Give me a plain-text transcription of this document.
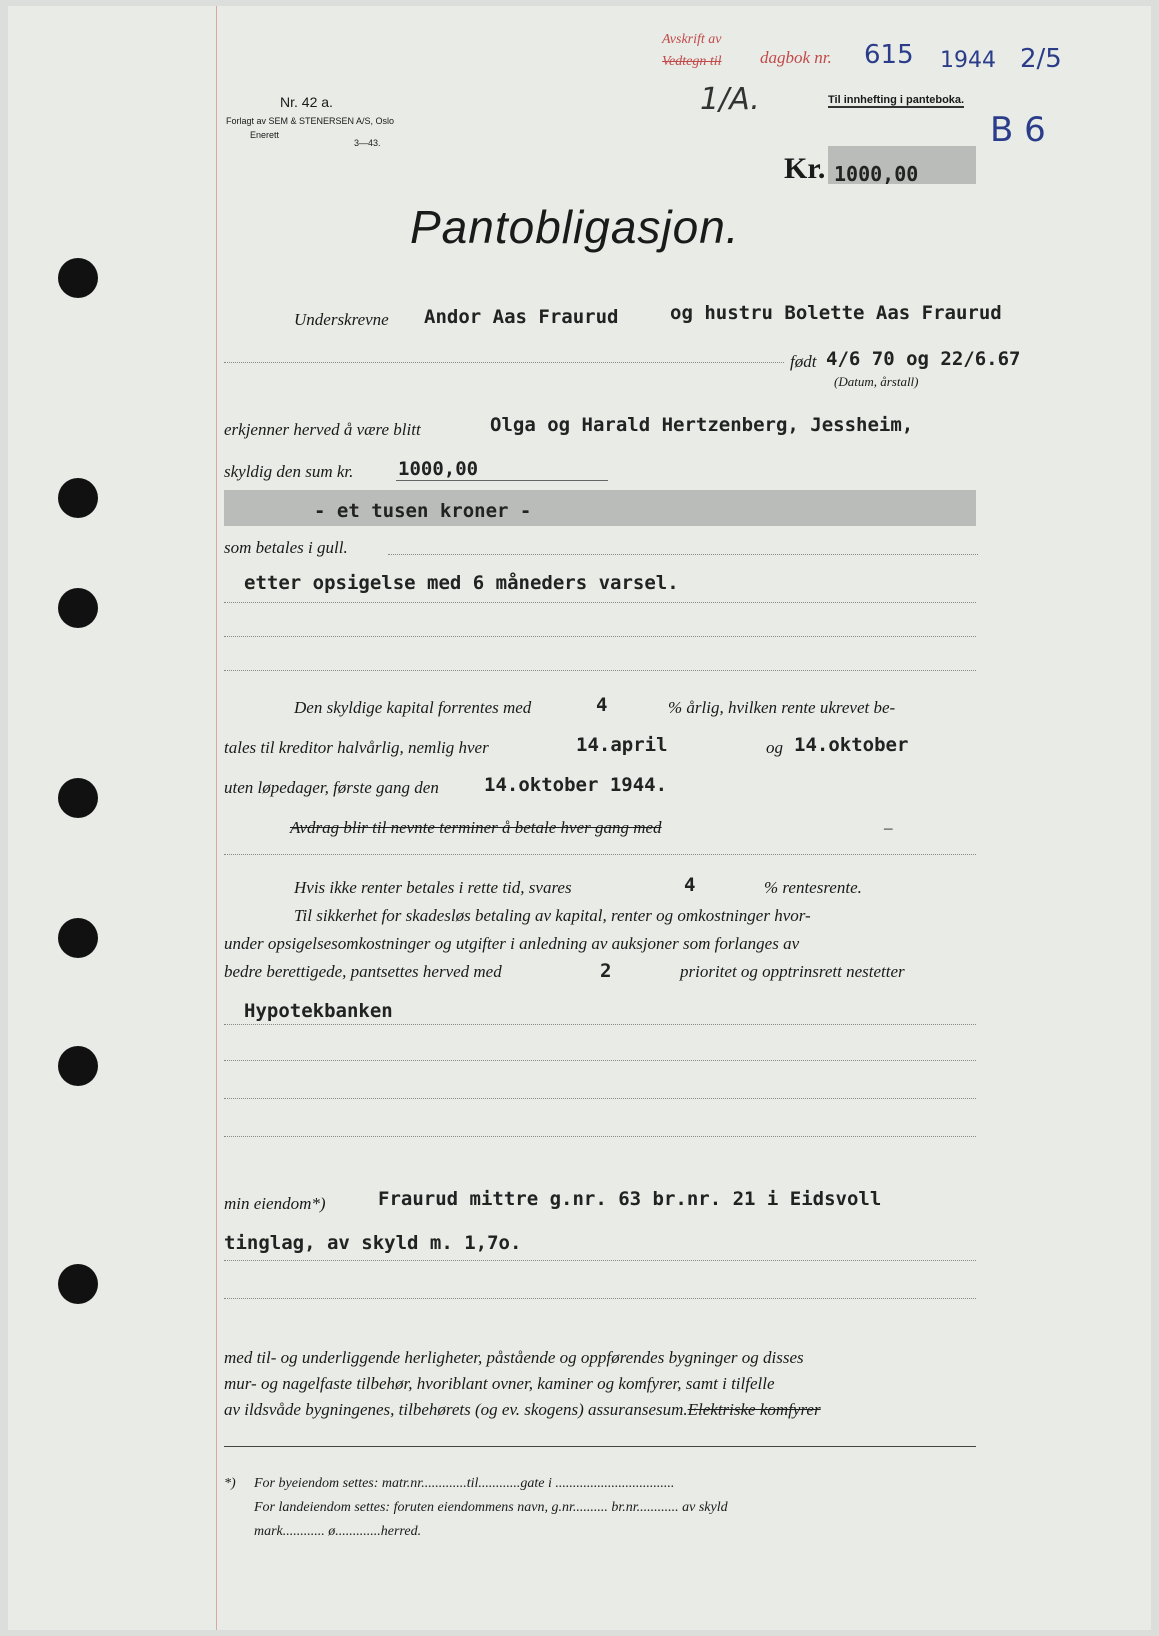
Nr. 42 a.
Forlagt av SEM & STENERSEN A/S, Oslo
Enerett
3—43.
Avskrift av
Vedtegn til dagbok nr. 615 1944 2/5
1/A.	Til innhefting i panteboka.
B 6
Kr. 1000,00
Pantobligasjon.
Underskrevne Andor Aas Fraurud	og hustru Bolette Aas Fraurud
født 4/6 70 og 22/6.67
(Datum, årstall)
erkjenner herved å være blitt	Olga og Harald Hertzenberg, Jessheim,
skyldig den sum kr. 1000,00
- et tusen kroner -
som betales i gull.
etter opsigelse med 6 måneders varsel.
Den skyldige kapital forrentes med	4	% årlig, hvilken rente ukrevet be-
tales til kreditor halvårlig, nemlig hver	14.april	og 14.oktober
uten løpedager, første gang den 14.oktober 1944.
Avdrag blir til nevnte terminer å betale hver gang med	–
Hvis ikke renter betales i rette tid, svares	4	% rentesrente.
Til sikkerhet for skadesløs betaling av kapital, renter og omkostninger hvor-
under opsigelsesomkostninger og utgifter i anledning av auksjoner som forlanges av
bedre berettigede, pantsettes herved med	2	prioritet og opptrinsrett nestetter
Hypotekbanken
min eiendom*)	Fraurud mittre g.nr. 63 br.nr. 21 i Eidsvoll
tinglag, av skyld m. 1,7o.
med til- og underliggende herligheter, påstående og oppførendes bygninger og disses
mur- og nagelfaste tilbehør, hvoriblant ovner, kaminer og komfyrer, samt i tilfelle
av ildsvåde bygningenes, tilbehørets (og ev. skogens) assuransesum.Elektriske komfyrer
*) For byeiendom settes: matr.nr.............til............gate i ..................................
For landeiendom settes: foruten eiendommens navn, g.nr.......... br.nr............ av skyld
mark............ ø.............herred.
